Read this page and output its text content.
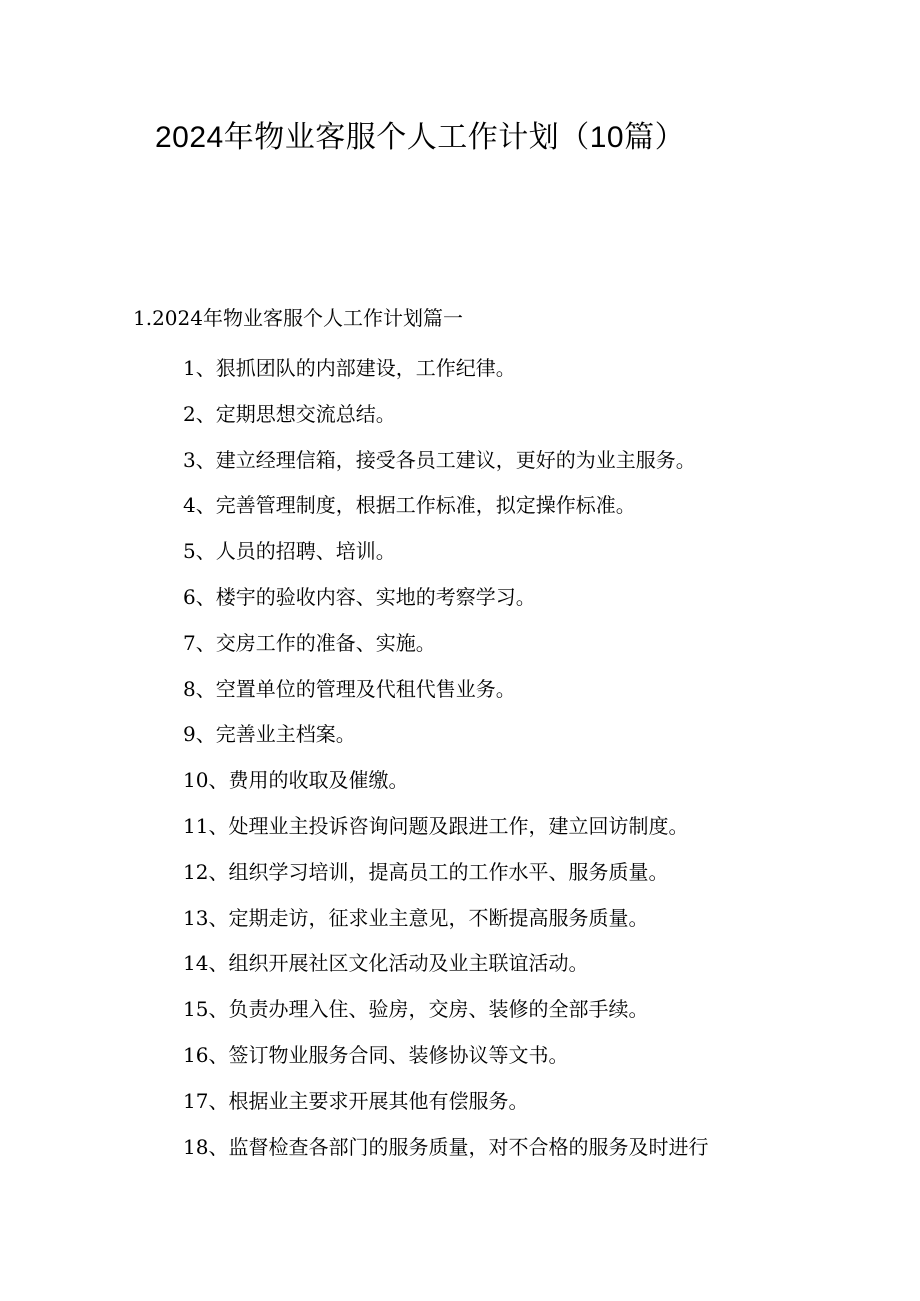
2024年物业客服个人工作计划（10篇）
1.2024年物业客服个人工作计划篇一
1、狠抓团队的内部建设，工作纪律。
2、定期思想交流总结。
3、建立经理信箱，接受各员工建议，更好的为业主服务。
4、完善管理制度，根据工作标准，拟定操作标准。
5、人员的招聘、培训。
6、楼宇的验收内容、实地的考察学习。
7、交房工作的准备、实施。
8、空置单位的管理及代租代售业务。
9、完善业主档案。
10、费用的收取及催缴。
11、处理业主投诉咨询问题及跟进工作，建立回访制度。
12、组织学习培训，提高员工的工作水平、服务质量。
13、定期走访，征求业主意见，不断提高服务质量。
14、组织开展社区文化活动及业主联谊活动。
15、负责办理入住、验房，交房、装修的全部手续。
16、签订物业服务合同、装修协议等文书。
17、根据业主要求开展其他有偿服务。
18、监督检查各部门的服务质量，对不合格的服务及时进行
